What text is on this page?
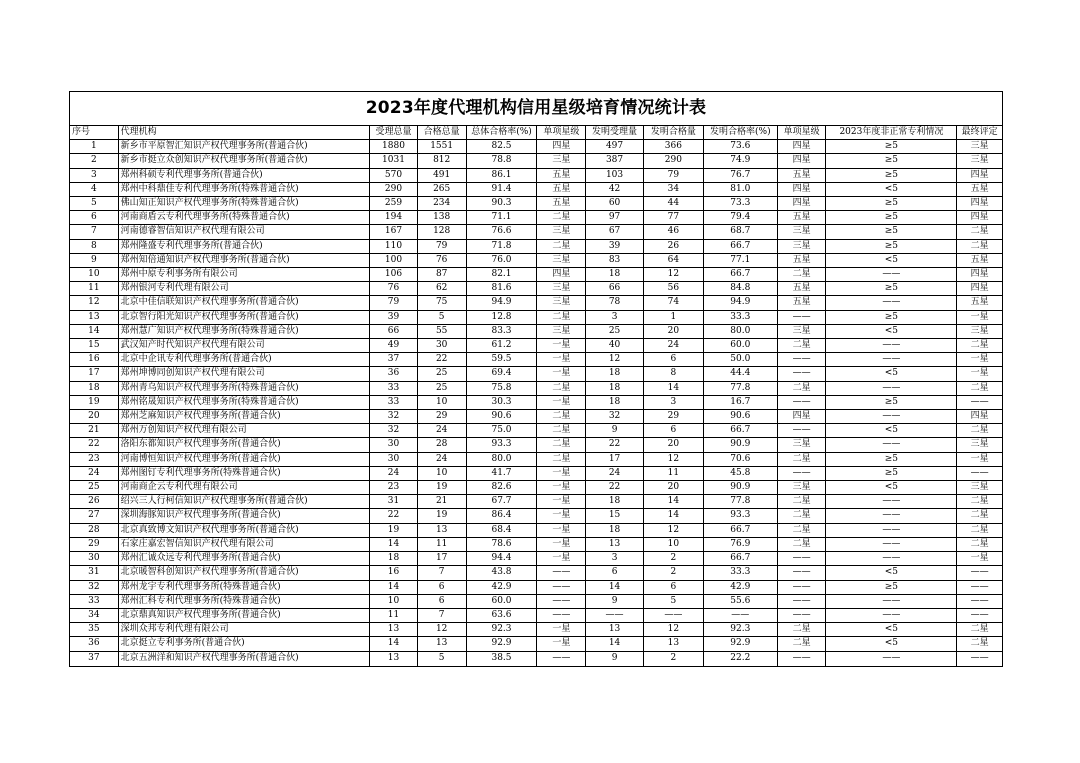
2023年度代理机构信用星级培育情况统计表
序号	代理机构	受理总量	合格总量	总体合格率(%)	单项星级	发明受理量	发明合格量	发明合格率(%)	单项星级	2023年度非正常专利情况	最终评定
1	新乡市平原智汇知识产权代理事务所(普通合伙)	1880	1551	82.5	四星	497	366	73.6	四星	≥5	三星
2	新乡市挺立众创知识产权代理事务所(普通合伙)	1031	812	78.8	三星	387	290	74.9	四星	≥5	三星
3	郑州科硕专利代理事务所(普通合伙)	570	491	86.1	五星	103	79	76.7	五星	≥5	四星
4	郑州中科鼎佳专利代理事务所(特殊普通合伙)	290	265	91.4	五星	42	34	81.0	四星	<5	五星
5	佛山知正知识产权代理事务所(特殊普通合伙)	259	234	90.3	五星	60	44	73.3	四星	≥5	四星
6	河南商盾云专利代理事务所(特殊普通合伙)	194	138	71.1	二星	97	77	79.4	五星	≥5	四星
7	河南德睿智信知识产权代理有限公司	167	128	76.6	三星	67	46	68.7	三星	≥5	二星
8	郑州隆盛专利代理事务所(普通合伙)	110	79	71.8	二星	39	26	66.7	三星	≥5	二星
9	郑州知倍通知识产权代理事务所(普通合伙)	100	76	76.0	三星	83	64	77.1	五星	<5	五星
10	郑州中原专利事务所有限公司	106	87	82.1	四星	18	12	66.7	二星	——	四星
11	郑州银河专利代理有限公司	76	62	81.6	三星	66	56	84.8	五星	≥5	四星
12	北京中佳信联知识产权代理事务所(普通合伙)	79	75	94.9	三星	78	74	94.9	五星	——	五星
13	北京智行阳光知识产权代理事务所(普通合伙)	39	5	12.8	二星	3	1	33.3	——	≥5	一星
14	郑州慧广知识产权代理事务所(特殊普通合伙)	66	55	83.3	三星	25	20	80.0	三星	<5	三星
15	武汉知产时代知识产权代理有限公司	49	30	61.2	一星	40	24	60.0	二星	——	二星
16	北京中企讯专利代理事务所(普通合伙)	37	22	59.5	一星	12	6	50.0	——	——	一星
17	郑州坤博同创知识产权代理有限公司	36	25	69.4	一星	18	8	44.4	——	<5	一星
18	郑州青乌知识产权代理事务所(特殊普通合伙)	33	25	75.8	二星	18	14	77.8	二星	——	二星
19	郑州铭晟知识产权代理事务所(特殊普通合伙)	33	10	30.3	一星	18	3	16.7	——	≥5	——
20	郑州芝麻知识产权代理事务所(普通合伙)	32	29	90.6	二星	32	29	90.6	四星	——	四星
21	郑州万创知识产权代理有限公司	32	24	75.0	二星	9	6	66.7	——	<5	二星
22	洛阳东都知识产权代理事务所(普通合伙)	30	28	93.3	二星	22	20	90.9	三星	——	三星
23	河南博恒知识产权代理事务所(普通合伙)	30	24	80.0	二星	17	12	70.6	二星	≥5	一星
24	郑州图钉专利代理事务所(特殊普通合伙)	24	10	41.7	一星	24	11	45.8	——	≥5	——
25	河南商企云专利代理有限公司	23	19	82.6	一星	22	20	90.9	三星	<5	三星
26	绍兴三人行柯信知识产权代理事务所(普通合伙)	31	21	67.7	一星	18	14	77.8	二星	——	二星
27	深圳海豚知识产权代理事务所(普通合伙)	22	19	86.4	一星	15	14	93.3	二星	——	二星
28	北京真致博文知识产权代理事务所(普通合伙)	19	13	68.4	一星	18	12	66.7	二星	——	二星
29	石家庄嘉宏智信知识产权代理有限公司	14	11	78.6	一星	13	10	76.9	二星	——	二星
30	郑州汇诚众远专利代理事务所(普通合伙)	18	17	94.4	一星	3	2	66.7	——	——	一星
31	北京暖智科创知识产权代理事务所(普通合伙)	16	7	43.8	——	6	2	33.3	——	<5	——
32	郑州龙宇专利代理事务所(特殊普通合伙)	14	6	42.9	——	14	6	42.9	——	≥5	——
33	郑州汇科专利代理事务所(特殊普通合伙)	10	6	60.0	——	9	5	55.6	——	——	——
34	北京鼎真知识产权代理事务所(普通合伙)	11	7	63.6	——	——	——	——	——	——	——
35	深圳众邦专利代理有限公司	13	12	92.3	一星	13	12	92.3	二星	<5	二星
36	北京挺立专利事务所(普通合伙)	14	13	92.9	一星	14	13	92.9	二星	<5	二星
37	北京五洲洋和知识产权代理事务所(普通合伙)	13	5	38.5	——	9	2	22.2	——	——	——
